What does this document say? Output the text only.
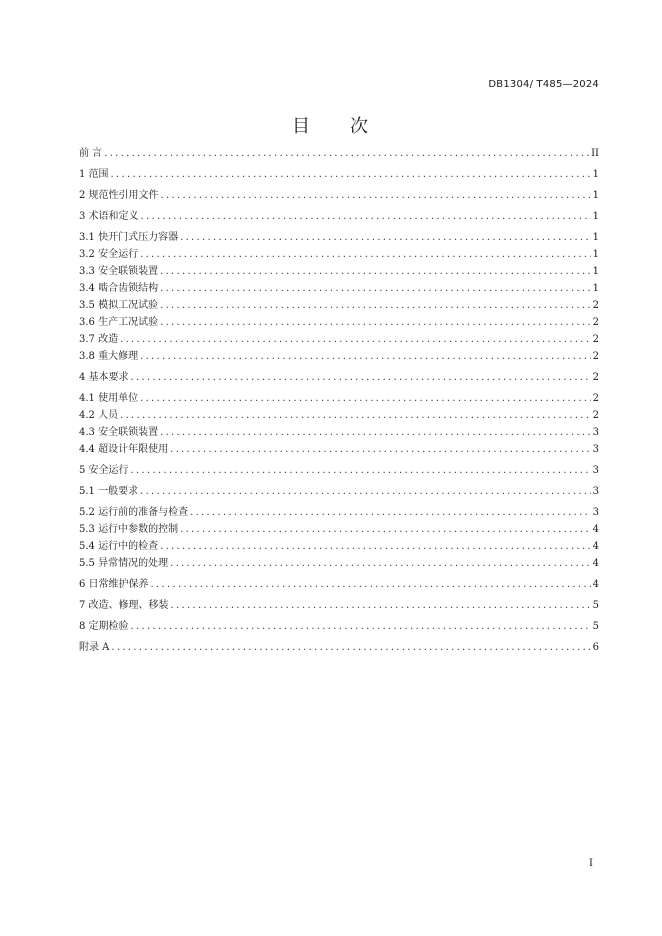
DB1304/ T485—2024
目 次
前 言 .....	II
1 范围 .....	1
2 规范性引用文件 .....	1
3 术语和定义 .....	1
3.1 快开门式压力容器 .....	1
3.2 安全运行 .....	1
3.3 安全联锁装置 .....	1
3.4 啮合齿锁结构 .....	1
3.5 模拟工况试验 .....	2
3.6 生产工况试验 .....	2
3.7 改造 .....	2
3.8 重大修理 .....	2
4 基本要求 .....	2
4.1 使用单位 .....	2
4.2 人员 .....	2
4.3 安全联锁装置 .....	3
4.4 超设计年限使用 .....	3
5 安全运行 .....	3
5.1 一般要求 .....	3
5.2 运行前的准备与检查 .....	3
5.3 运行中参数的控制 .....	4
5.4 运行中的检查 .....	4
5.5 异常情况的处理 .....	4
6 日常维护保养 .....	4
7 改造、修理、移装 .....	5
8 定期检验 .....	5
附录 A .....	6
I
